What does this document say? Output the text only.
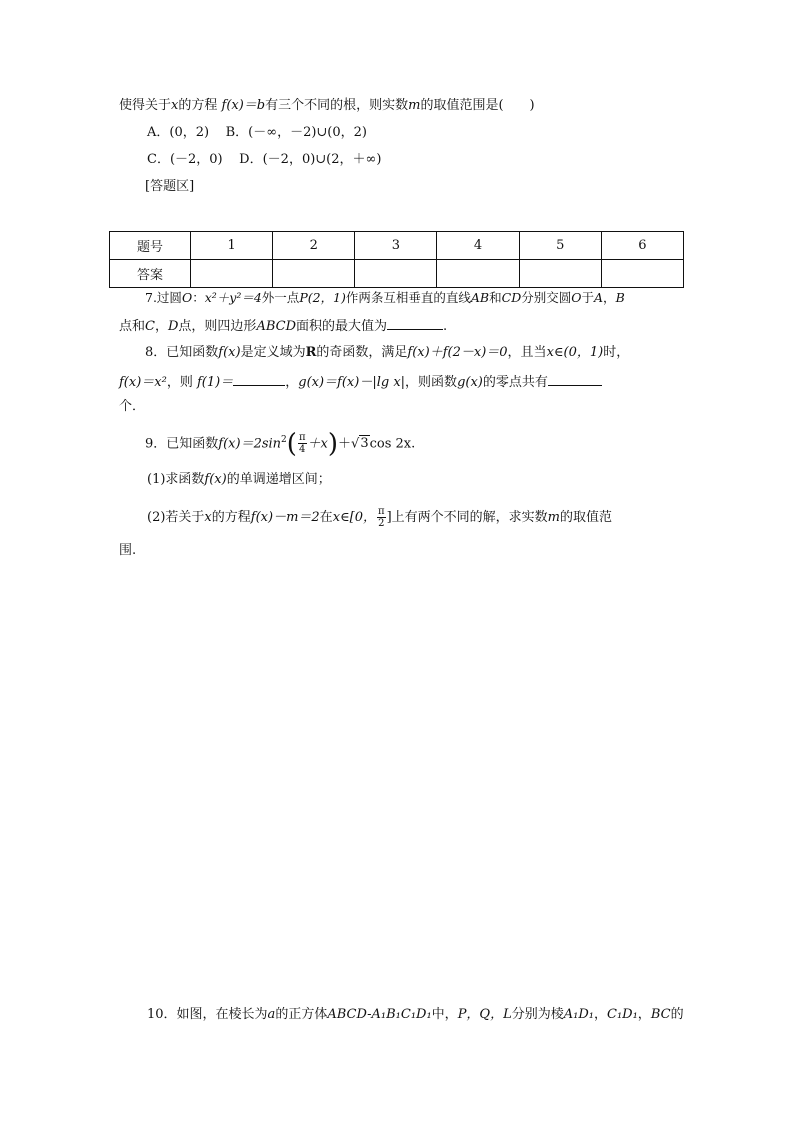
使得关于x的方程 f(x)＝b有三个不同的根，则实数m的取值范围是(　　)
A．(0，2) B．(－∞，－2)∪(0，2)
C．(－2，0) D．(－2，0)∪(2，＋∞)
[答题区]
题号	1	2	3	4	5	6
答案						
7.过圆O：x²＋y²＝4外一点P(2，1)作两条互相垂直的直线AB和CD分别交圆O于A，B
点和C，D点，则四边形ABCD面积的最大值为	.
8．已知函数f(x)是定义域为R的奇函数，满足f(x)＋f(2－x)＝0，且当x∈(0，1)时，
f(x)＝x²，则 f(1)＝	，g(x)＝f(x)－|lg x|，则函数g(x)的零点共有
个．
9．已知函数$f(x)=2\sin^2( \frac{\pi}{4} +x)+√3\cos$ 2x.
(1)求函数f(x)的单调递增区间；
(2)若关于x的方程f(x)－m＝2在x∈[0， $\frac{\pi}{2}$ ]上有两个不同的解，求实数m的取值范
围.
10．如图，在棱长为a的正方体ABCD-A₁B₁C₁D₁中，P，Q，L分别为棱A₁D₁，C₁D₁，BC的
